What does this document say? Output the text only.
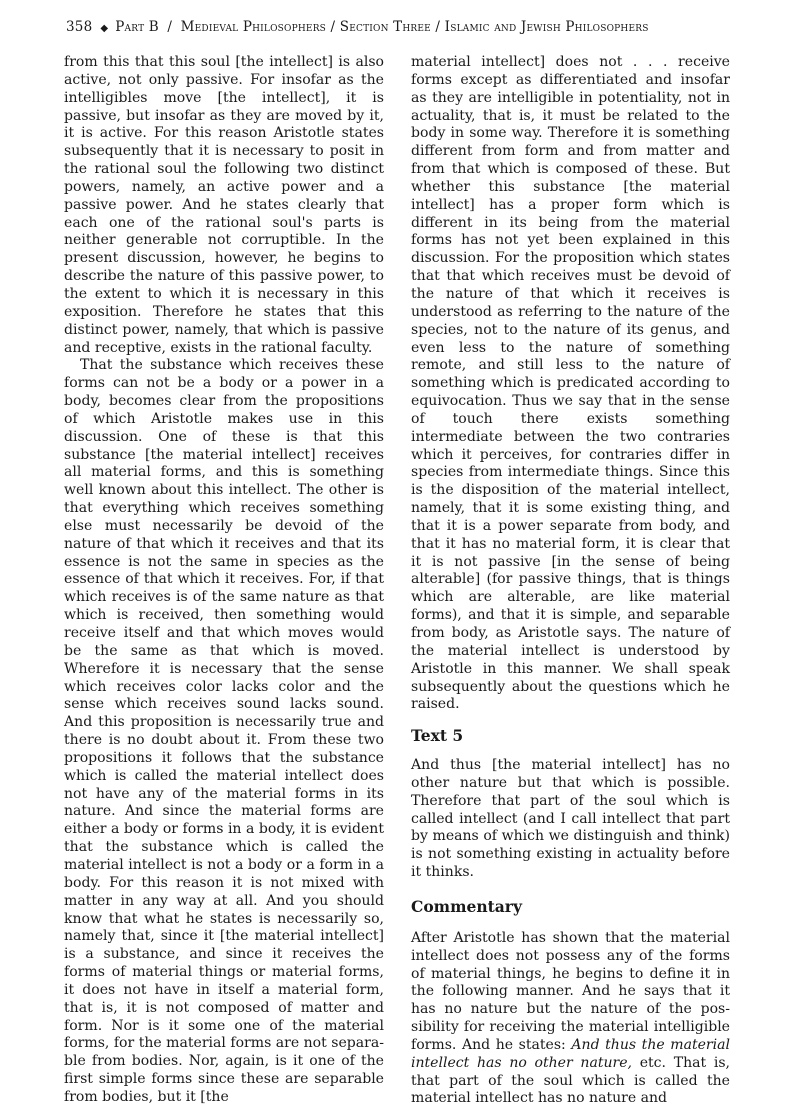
358 ◆ Part B / Medieval Philosophers / Section Three / Islamic and Jewish Philosophers

from this that this soul [the intellect] is also active, not only passive. For insofar as the intelligibles move [the intellect], it is passive, but insofar as they are moved by it, it is active. For this reason Aristotle states subsequently that it is necessary to posit in the rational soul the following two distinct powers, namely, an active power and a passive power. And he states clearly that each one of the rational soul's parts is neither generable not corruptible. In the present discussion, however, he begins to describe the nature of this passive power, to the extent to which it is necessary in this exposition. Therefore he states that this distinct power, namely, that which is passive and receptive, exists in the rational faculty.

That the substance which receives these forms can not be a body or a power in a body, becomes clear from the propositions of which Aristotle makes use in this discussion. One of these is that this substance [the material intellect] receives all material forms, and this is something well known about this intellect. The other is that everything which receives something else must necessarily be devoid of the nature of that which it receives and that its essence is not the same in species as the essence of that which it receives. For, if that which receives is of the same nature as that which is received, then something would receive itself and that which moves would be the same as that which is moved. Wherefore it is necessary that the sense which receives color lacks color and the sense which receives sound lacks sound. And this proposition is necessarily true and there is no doubt about it. From these two propositions it follows that the substance which is called the material intellect does not have any of the material forms in its nature. And since the material forms are either a body or forms in a body, it is evident that the substance which is called the material intellect is not a body or a form in a body. For this reason it is not mixed with matter in any way at all. And you should know that what he states is necessarily so, namely that, since it [the material intellect] is a substance, and since it receives the forms of material things or material forms, it does not have in itself a material form, that is, it is not composed of matter and form. Nor is it some one of the material forms, for the material forms are not separable from bodies. Nor, again, is it one of the first simple forms since these are separable from bodies, but it [the

material intellect] does not . . . receive forms except as differentiated and insofar as they are intelligible in potentiality, not in actuality, that is, it must be related to the body in some way. Therefore it is something different from form and from matter and from that which is composed of these. But whether this substance [the material intellect] has a proper form which is different in its being from the material forms has not yet been explained in this discussion. For the proposition which states that that which receives must be devoid of the nature of that which it receives is understood as referring to the nature of the species, not to the nature of its genus, and even less to the nature of something remote, and still less to the nature of something which is predicated according to equivocation. Thus we say that in the sense of touch there exists something intermediate between the two contraries which it perceives, for contraries differ in species from intermediate things. Since this is the disposition of the material intellect, namely, that it is some existing thing, and that it is a power separate from body, and that it has no material form, it is clear that it is not passive [in the sense of being alterable] (for passive things, that is things which are alterable, are like material forms), and that it is simple, and separable from body, as Aristotle says. The nature of the material intellect is understood by Aristotle in this manner. We shall speak subsequently about the questions which he raised.

Text 5

And thus [the material intellect] has no other nature but that which is possible. Therefore that part of the soul which is called intellect (and I call intellect that part by means of which we distinguish and think) is not something existing in actuality before it thinks.

Commentary

After Aristotle has shown that the material intellect does not possess any of the forms of material things, he begins to define it in the following manner. And he says that it has no nature but the nature of the possibility for receiving the material intelligible forms. And he states: And thus the material intellect has no other nature, etc. That is, that part of the soul which is called the material intellect has no nature and
